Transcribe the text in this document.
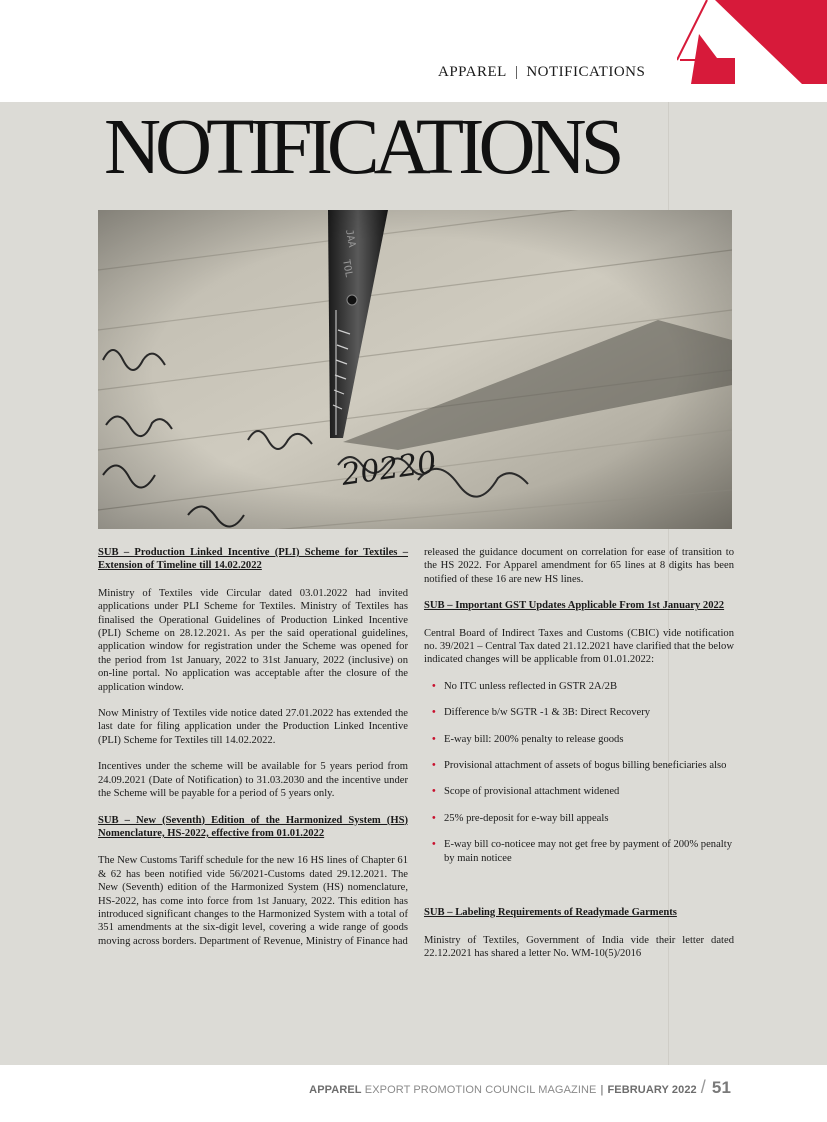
APPAREL | NOTIFICATIONS
NOTIFICATIONS

SUB – Production Linked Incentive (PLI) Scheme for Textiles – Extension of Timeline till 14.02.2022

Ministry of Textiles vide Circular dated 03.01.2022 had invited applications under PLI Scheme for Textiles. Ministry of Textiles has finalised the Operational Guidelines of Production Linked Incentive (PLI) Scheme on 28.12.2021. As per the said operational guidelines, application window for registration under the Scheme was opened for the period from 1st January, 2022 to 31st January, 2022 (inclusive) on on-line portal. No application was acceptable after the closure of the application window.

Now Ministry of Textiles vide notice dated 27.01.2022 has extended the last date for filing application under the Production Linked Incentive (PLI) Scheme for Textiles till 14.02.2022.

Incentives under the scheme will be available for 5 years period from 24.09.2021 (Date of Notification) to 31.03.2030 and the incentive under the Scheme will be payable for a period of 5 years only.

SUB – New (Seventh) Edition of the Harmonized System (HS) Nomenclature, HS-2022, effective from 01.01.2022

The New Customs Tariff schedule for the new 16 HS lines of Chapter 61 & 62 has been notified vide 56/2021-Customs dated 29.12.2021. The New (Seventh) edition of the Harmonized System (HS) nomenclature, HS-2022, has come into force from 1st January, 2022. This edition has introduced significant changes to the Harmonized System with a total of 351 amendments at the six-digit level, covering a wide range of goods moving across borders. Department of Revenue, Ministry of Finance had

released the guidance document on correlation for ease of transition to the HS 2022. For Apparel amendment for 65 lines at 8 digits has been notified of these 16 are new HS lines.

SUB – Important GST Updates Applicable From 1st January 2022

Central Board of Indirect Taxes and Customs (CBIC) vide notification no. 39/2021 – Central Tax dated 21.12.2021 have clarified that the below indicated changes will be applicable from 01.01.2022:

• No ITC unless reflected in GSTR 2A/2B
• Difference b/w SGTR -1 & 3B: Direct Recovery
• E-way bill: 200% penalty to release goods
• Provisional attachment of assets of bogus billing beneficiaries also
• Scope of provisional attachment widened
• 25% pre-deposit for e-way bill appeals
• E-way bill co-noticee may not get free by payment of 200% penalty by main noticee

SUB – Labeling Requirements of Readymade Garments

Ministry of Textiles, Government of India vide their letter dated 22.12.2021 has shared a letter No. WM-10(5)/2016

APPAREL EXPORT PROMOTION COUNCIL MAGAZINE | FEBRUARY 2022 / 51
